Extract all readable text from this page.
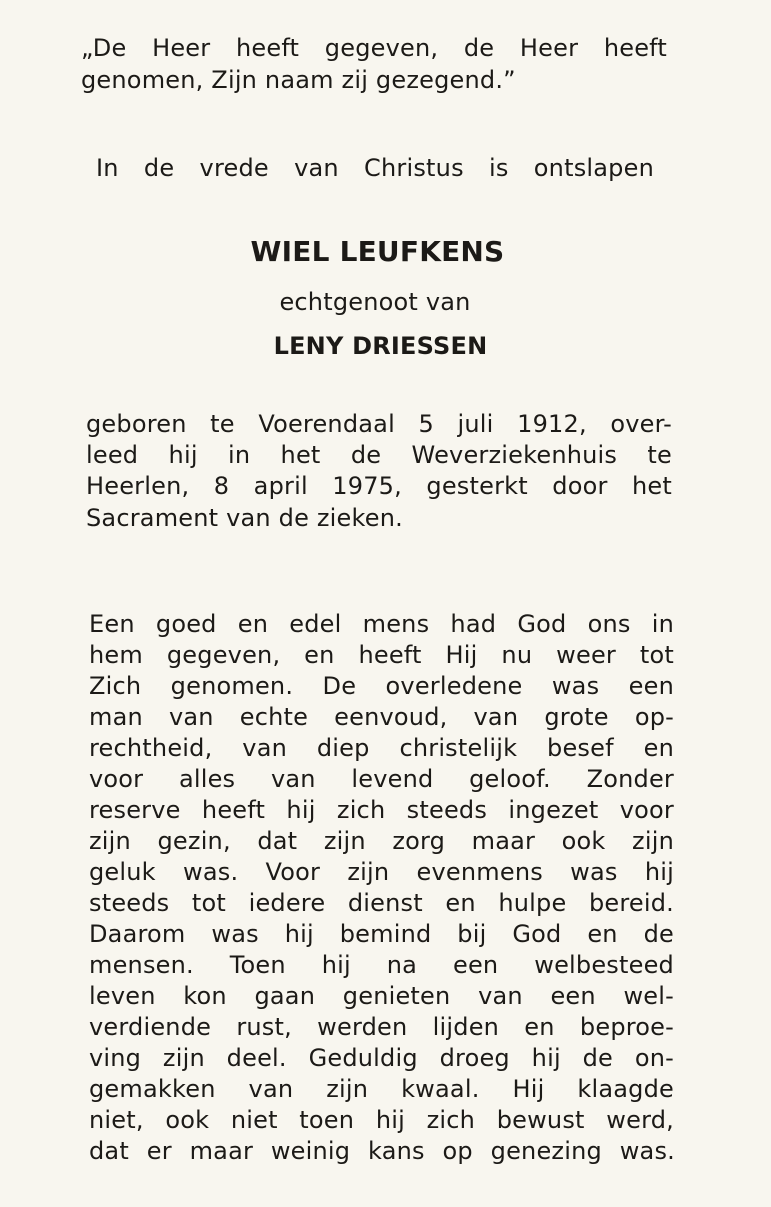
„De Heer heeft gegeven, de Heer heeft

genomen, Zijn naam zij gezegend.”

In de vrede van Christus is ontslapen

WIEL LEUFKENS

echtgenoot van

LENY DRIESSEN

geboren te Voerendaal 5 juli 1912, over-

leed hij in het de Weverziekenhuis te

Heerlen, 8 april 1975, gesterkt door het

Sacrament van de zieken.

Een goed en edel mens had God ons in

hem gegeven, en heeft Hij nu weer tot

Zich genomen. De overledene was een

man van echte eenvoud, van grote op-

rechtheid, van diep christelijk besef en

voor alles van levend geloof. Zonder

reserve heeft hij zich steeds ingezet voor

zijn gezin, dat zijn zorg maar ook zijn

geluk was. Voor zijn evenmens was hij

steeds tot iedere dienst en hulpe bereid.

Daarom was hij bemind bij God en de

mensen. Toen hij na een welbesteed

leven kon gaan genieten van een wel-

verdiende rust, werden lijden en beproe-

ving zijn deel. Geduldig droeg hij de on-

gemakken van zijn kwaal. Hij klaagde

niet, ook niet toen hij zich bewust werd,

dat er maar weinig kans op genezing was.
